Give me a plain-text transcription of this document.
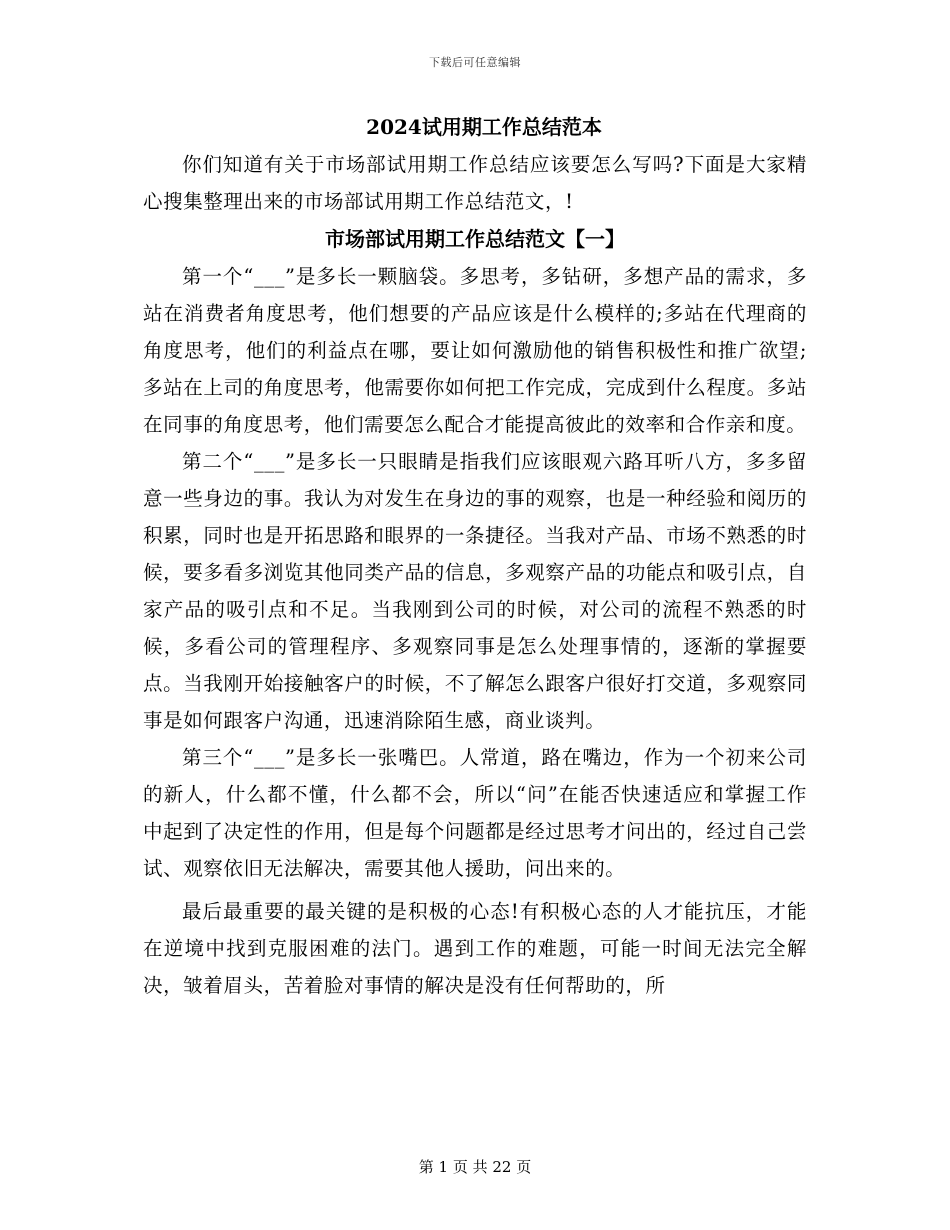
下载后可任意编辑
2024试用期工作总结范本

你们知道有关于市场部试用期工作总结应该要怎么写吗?下面是大家精心搜集整理出来的市场部试用期工作总结范文，!

市场部试用期工作总结范文【一】

第一个“___”是多长一颗脑袋。多思考，多钻研，多想产品的需求，多站在消费者角度思考，他们想要的产品应该是什么模样的;多站在代理商的角度思考，他们的利益点在哪，要让如何激励他的销售积极性和推广欲望;多站在上司的角度思考，他需要你如何把工作完成，完成到什么程度。多站在同事的角度思考，他们需要怎么配合才能提高彼此的效率和合作亲和度。

第二个“___”是多长一只眼睛是指我们应该眼观六路耳听八方，多多留意一些身边的事。我认为对发生在身边的事的观察，也是一种经验和阅历的积累，同时也是开拓思路和眼界的一条捷径。当我对产品、市场不熟悉的时候，要多看多浏览其他同类产品的信息，多观察产品的功能点和吸引点，自家产品的吸引点和不足。当我刚到公司的时候，对公司的流程不熟悉的时候，多看公司的管理程序、多观察同事是怎么处理事情的，逐渐的掌握要点。当我刚开始接触客户的时候，不了解怎么跟客户很好打交道，多观察同事是如何跟客户沟通，迅速消除陌生感，商业谈判。

第三个“___”是多长一张嘴巴。人常道，路在嘴边，作为一个初来公司的新人，什么都不懂，什么都不会，所以“问”在能否快速适应和掌握工作中起到了决定性的作用，但是每个问题都是经过思考才问出的，经过自己尝试、观察依旧无法解决，需要其他人援助，问出来的。

最后最重要的最关键的是积极的心态!有积极心态的人才能抗压，才能在逆境中找到克服困难的法门。遇到工作的难题，可能一时间无法完全解决，皱着眉头，苦着脸对事情的解决是没有任何帮助的，所

第 1 页 共 22 页
